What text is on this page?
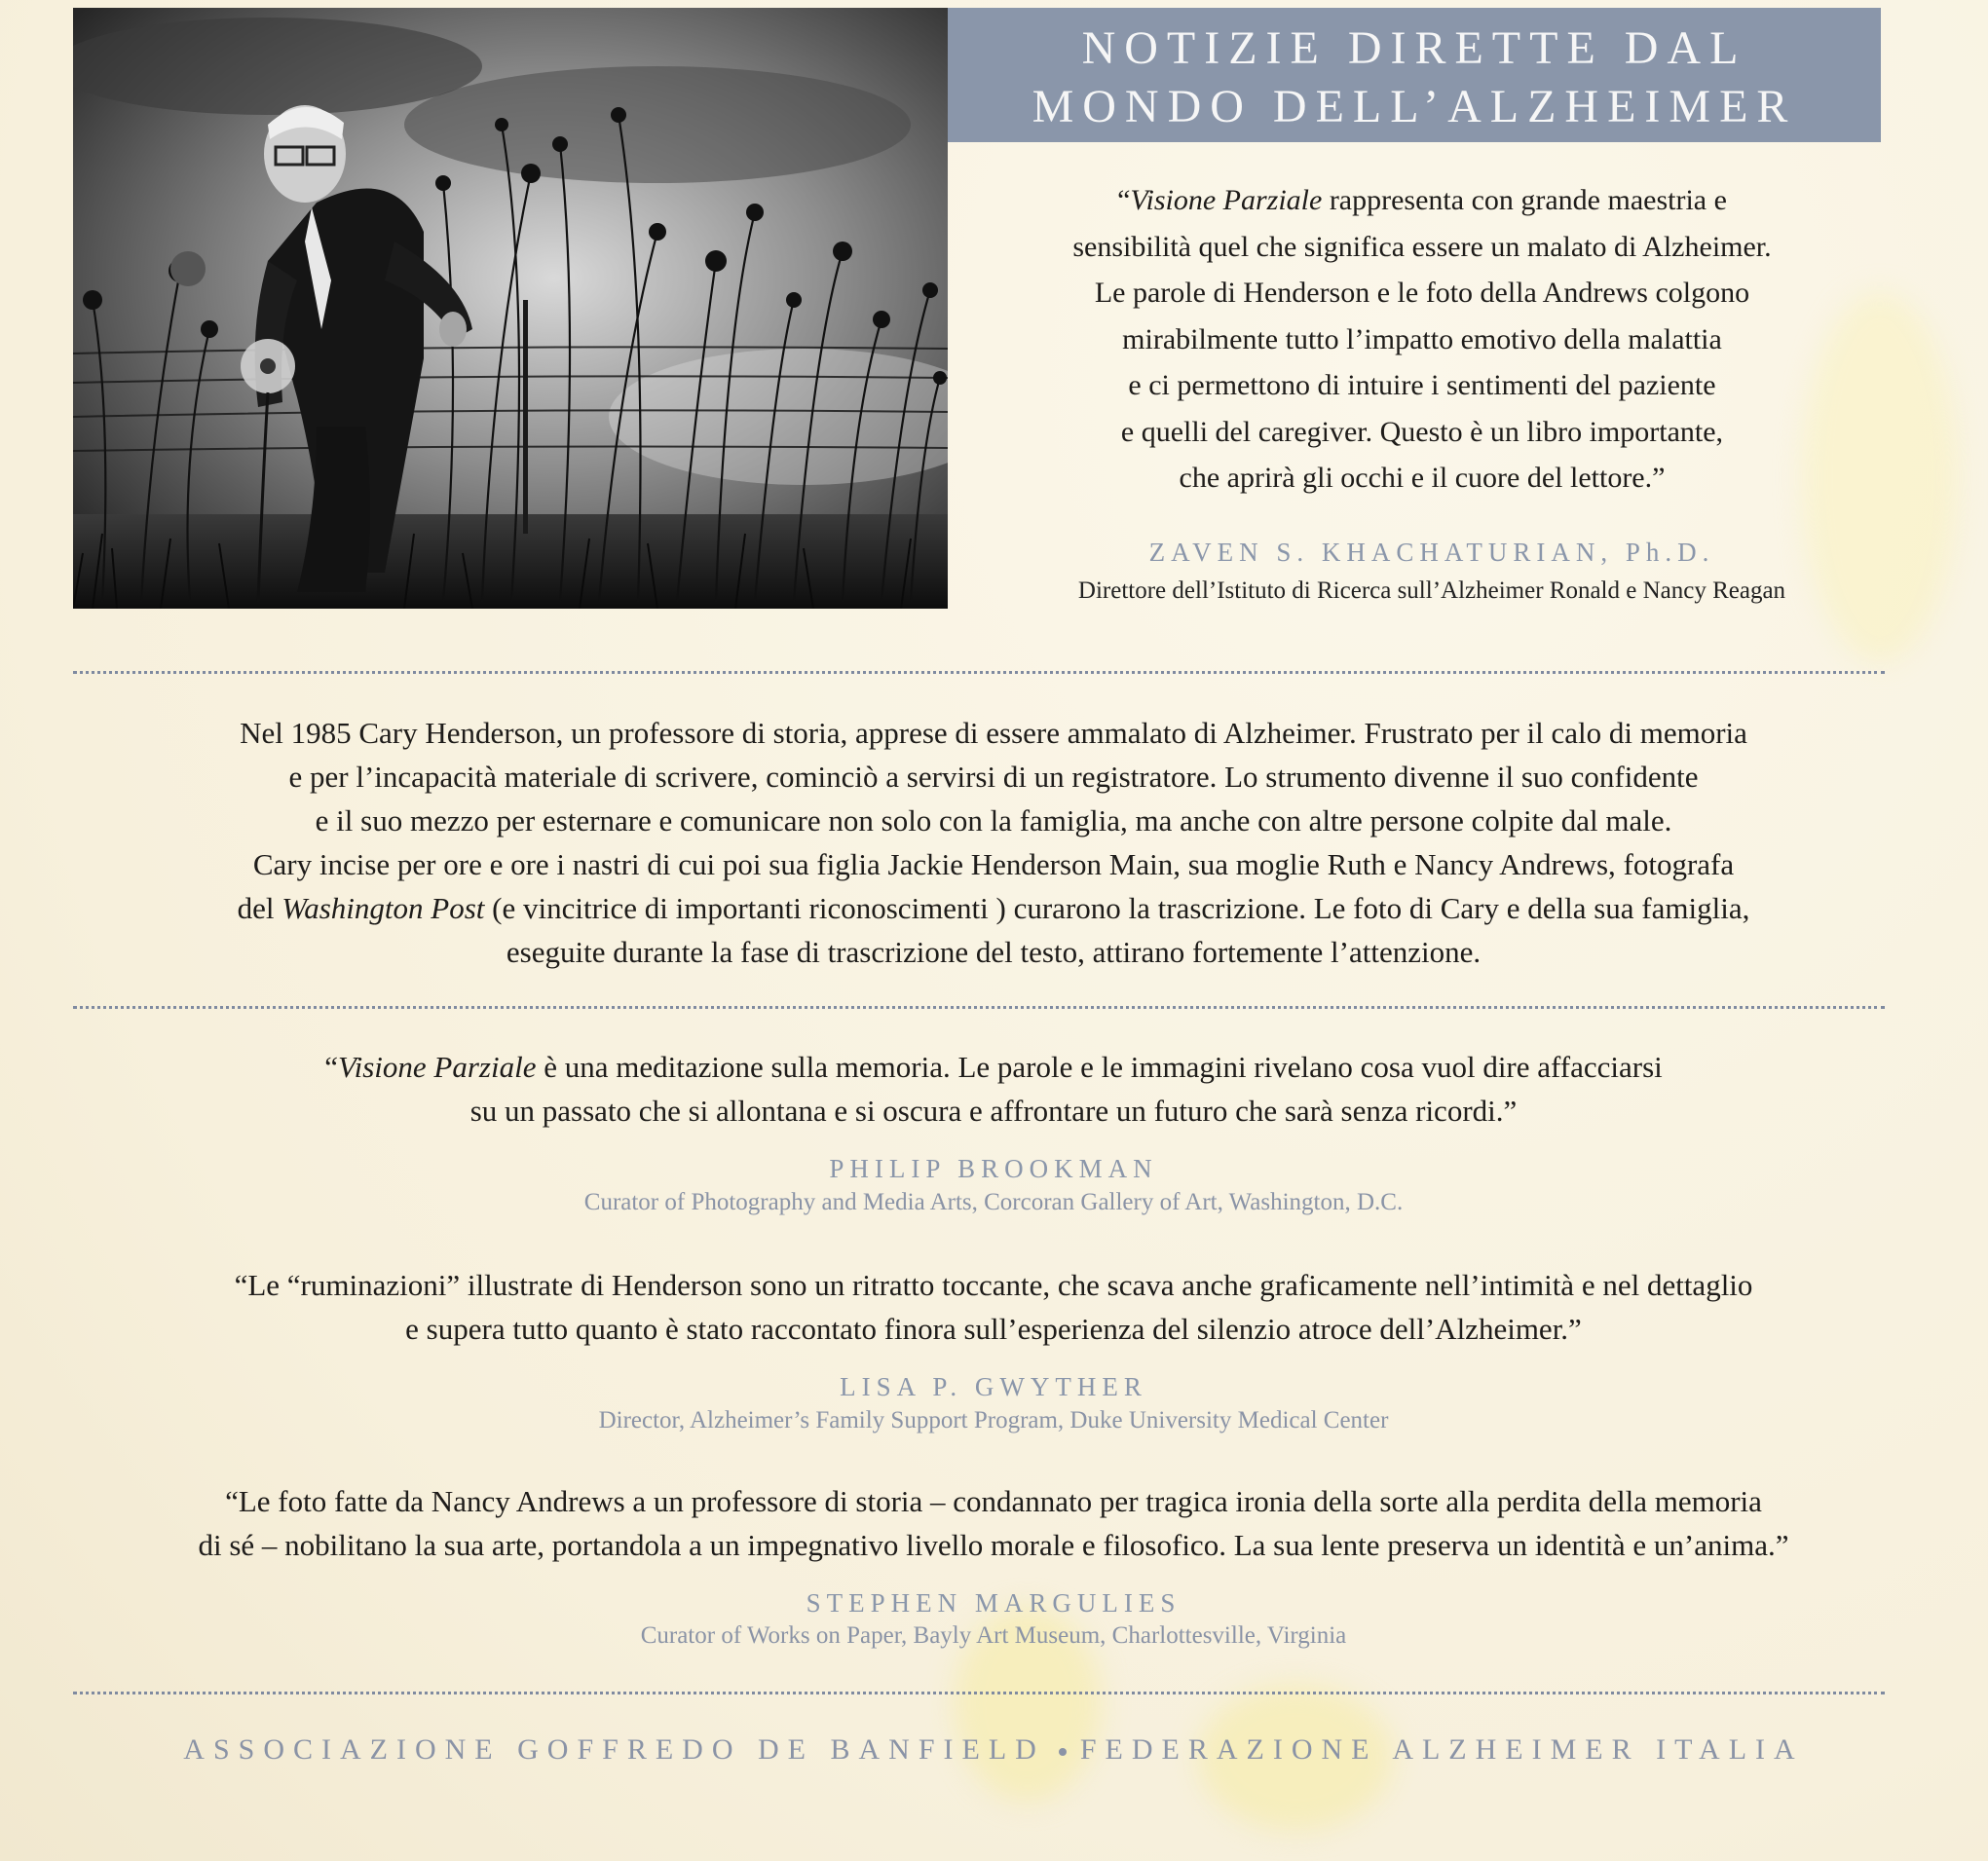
NOTIZIE DIRETTE DAL
MONDO DELL’ALZHEIMER
“Visione Parziale rappresenta con grande maestria e
sensibilità quel che significa essere un malato di Alzheimer.
Le parole di Henderson e le foto della Andrews colgono
mirabilmente tutto l’impatto emotivo della malattia
e ci permettono di intuire i sentimenti del paziente
e quelli del caregiver. Questo è un libro importante,
che aprirà gli occhi e il cuore del lettore.”
ZAVEN S. KHACHATURIAN, Ph.D.
Direttore dell’Istituto di Ricerca sull’Alzheimer Ronald e Nancy Reagan
Nel 1985 Cary Henderson, un professore di storia, apprese di essere ammalato di Alzheimer. Frustrato per il calo di memoria
e per l’incapacità materiale di scrivere, cominciò a servirsi di un registratore. Lo strumento divenne il suo confidente
e il suo mezzo per esternare e comunicare non solo con la famiglia, ma anche con altre persone colpite dal male.
Cary incise per ore e ore i nastri di cui poi sua figlia Jackie Henderson Main, sua moglie Ruth e Nancy Andrews, fotografa
del Washington Post (e vincitrice di importanti riconoscimenti ) curarono la trascrizione. Le foto di Cary e della sua famiglia,
eseguite durante la fase di trascrizione del testo, attirano fortemente l’attenzione.
“Visione Parziale è una meditazione sulla memoria. Le parole e le immagini rivelano cosa vuol dire affacciarsi
su un passato che si allontana e si oscura e affrontare un futuro che sarà senza ricordi.”
PHILIP BROOKMAN
Curator of Photography and Media Arts, Corcoran Gallery of Art, Washington, D.C.
“Le “ruminazioni” illustrate di Henderson sono un ritratto toccante, che scava anche graficamente nell’intimità e nel dettaglio
e supera tutto quanto è stato raccontato finora sull’esperienza del silenzio atroce dell’Alzheimer.”
LISA P. GWYTHER
Director, Alzheimer’s Family Support Program, Duke University Medical Center
“Le foto fatte da Nancy Andrews a un professore di storia – condannato per tragica ironia della sorte alla perdita della memoria
di sé – nobilitano la sua arte, portandola a un impegnativo livello morale e filosofico. La sua lente preserva un identità e un’anima.”
STEPHEN MARGULIES
Curator of Works on Paper, Bayly Art Museum, Charlottesville, Virginia
ASSOCIAZIONE GOFFREDO DE BANFIELD FEDERAZIONE ALZHEIMER ITALIA
